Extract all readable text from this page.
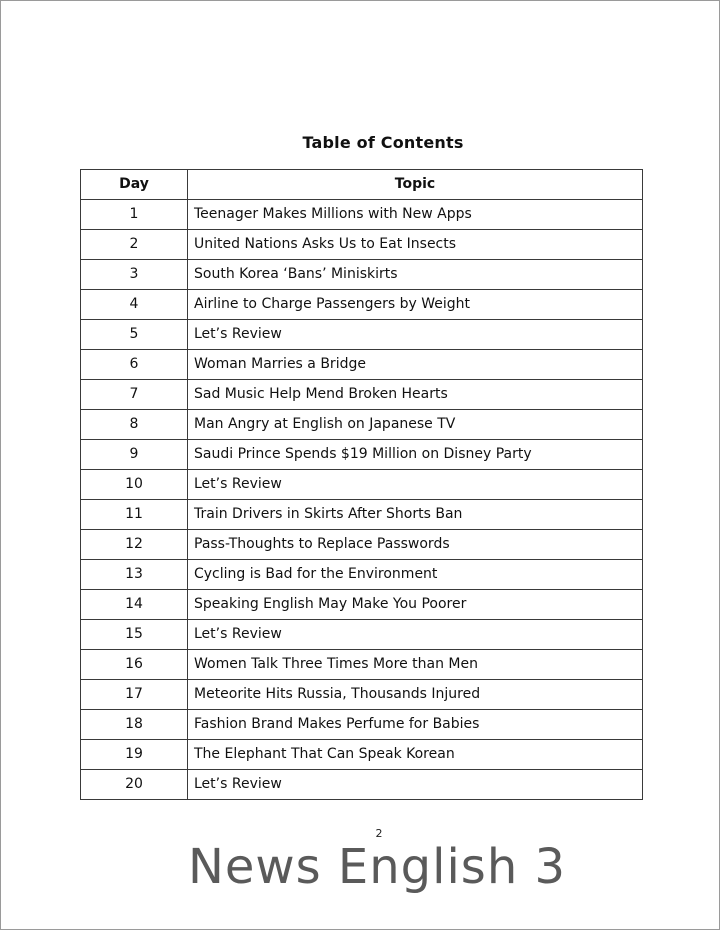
Table of Contents
Day	Topic
1	Teenager Makes Millions with New Apps
2	United Nations Asks Us to Eat Insects
3	South Korea ‘Bans’ Miniskirts
4	Airline to Charge Passengers by Weight
5	Let’s Review
6	Woman Marries a Bridge
7	Sad Music Help Mend Broken Hearts
8	Man Angry at English on Japanese TV
9	Saudi Prince Spends $19 Million on Disney Party
10	Let’s Review
11	Train Drivers in Skirts After Shorts Ban
12	Pass-Thoughts to Replace Passwords
13	Cycling is Bad for the Environment
14	Speaking English May Make You Poorer
15	Let’s Review
16	Women Talk Three Times More than Men
17	Meteorite Hits Russia, Thousands Injured
18	Fashion Brand Makes Perfume for Babies
19	The Elephant That Can Speak Korean
20	Let’s Review
2
News English 3
